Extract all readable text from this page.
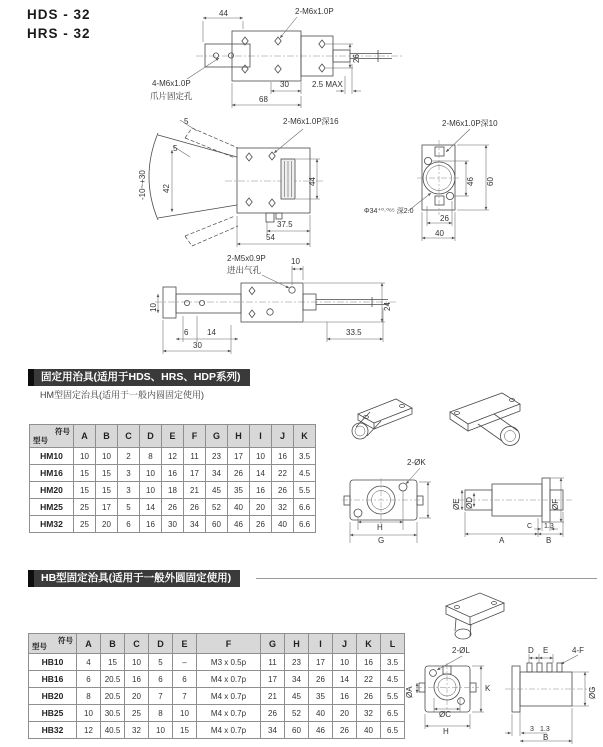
HDS - 32
HRS - 32
44	2-M6x1.0P
26
30	2.5 MAX
68
4-M6x1.0P
爪片固定孔
-10~+30
5
5
42
2-M6x1.0P深16
44
37.5
54
2-M6x1.0P深10
46 60
26
40
Φ34⁺⁰·⁰⁶⁵ 深2.0
2-M5x0.9P
进出气孔
10
24
10
6 14
30
33.5
2-ØK
H
G
ØE ØD	ØF
A	B
C 1.3
2-ØL
ØA	K
ØC
H
D E	4-F
ØG
3 1.3
B
固定用治具(适用于HDS、HRS、HDP系列)
HM型固定治具(适用于一般内圆固定使用)
HB型固定治具(适用于一般外圆固定使用)
符号
型号	A	B	C	D	E	F	G	H	I	J	K
HM10	10	10	2	8	12	11	23	17	10	16	3.5
HM16	15	15	3	10	16	17	34	26	14	22	4.5
HM20	15	15	3	10	18	21	45	35	16	26	5.5
HM25	25	17	5	14	26	26	52	40	20	32	6.6
HM32	25	20	6	16	30	34	60	46	26	40	6.6
符号
型号	A	B	C	D	E	F	G	H	I	J	K	L
HB10	4	15	10	5	–	M3 x 0.5p	11	23	17	10	16	3.5
HB16	6	20.5	16	6	6	M4 x 0.7p	17	34	26	14	22	4.5
HB20	8	20.5	20	7	7	M4 x 0.7p	21	45	35	16	26	5.5
HB25	10	30.5	25	8	10	M4 x 0.7p	26	52	40	20	32	6.5
HB32	12	40.5	32	10	15	M4 x 0.7p	34	60	46	26	40	6.5
